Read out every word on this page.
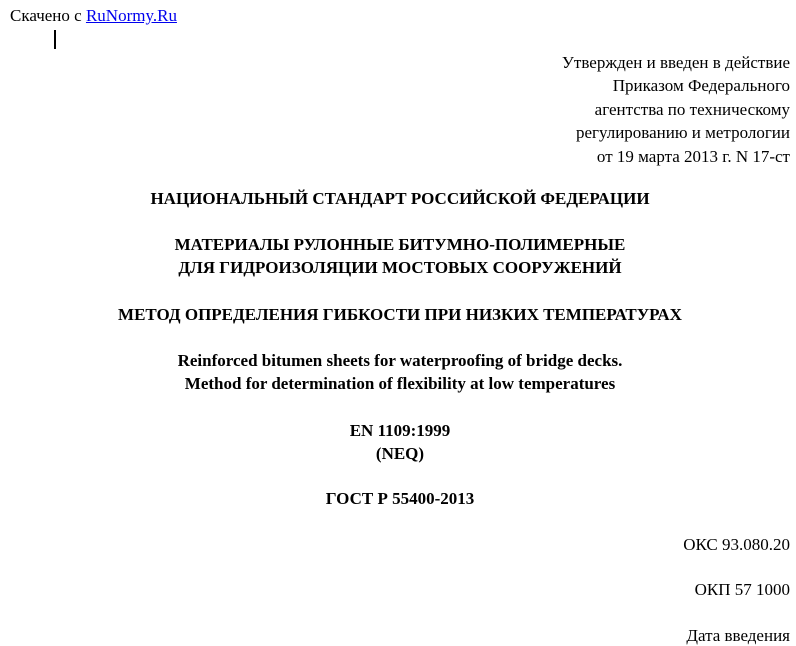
Скачено с RuNormy.Ru
Утвержден и введен в действие
Приказом Федерального
агентства по техническому
регулированию и метрологии
от 19 марта 2013 г. N 17-ст
НАЦИОНАЛЬНЫЙ СТАНДАРТ РОССИЙСКОЙ ФЕДЕРАЦИИ
МАТЕРИАЛЫ РУЛОННЫЕ БИТУМНО-ПОЛИМЕРНЫЕ
ДЛЯ ГИДРОИЗОЛЯЦИИ МОСТОВЫХ СООРУЖЕНИЙ
МЕТОД ОПРЕДЕЛЕНИЯ ГИБКОСТИ ПРИ НИЗКИХ ТЕМПЕРАТУРАХ
Reinforced bitumen sheets for waterproofing of bridge decks.
Method for determination of flexibility at low temperatures
EN 1109:1999
(NEQ)
ГОСТ Р 55400-2013
ОКС 93.080.20
ОКП 57 1000
Дата введения
